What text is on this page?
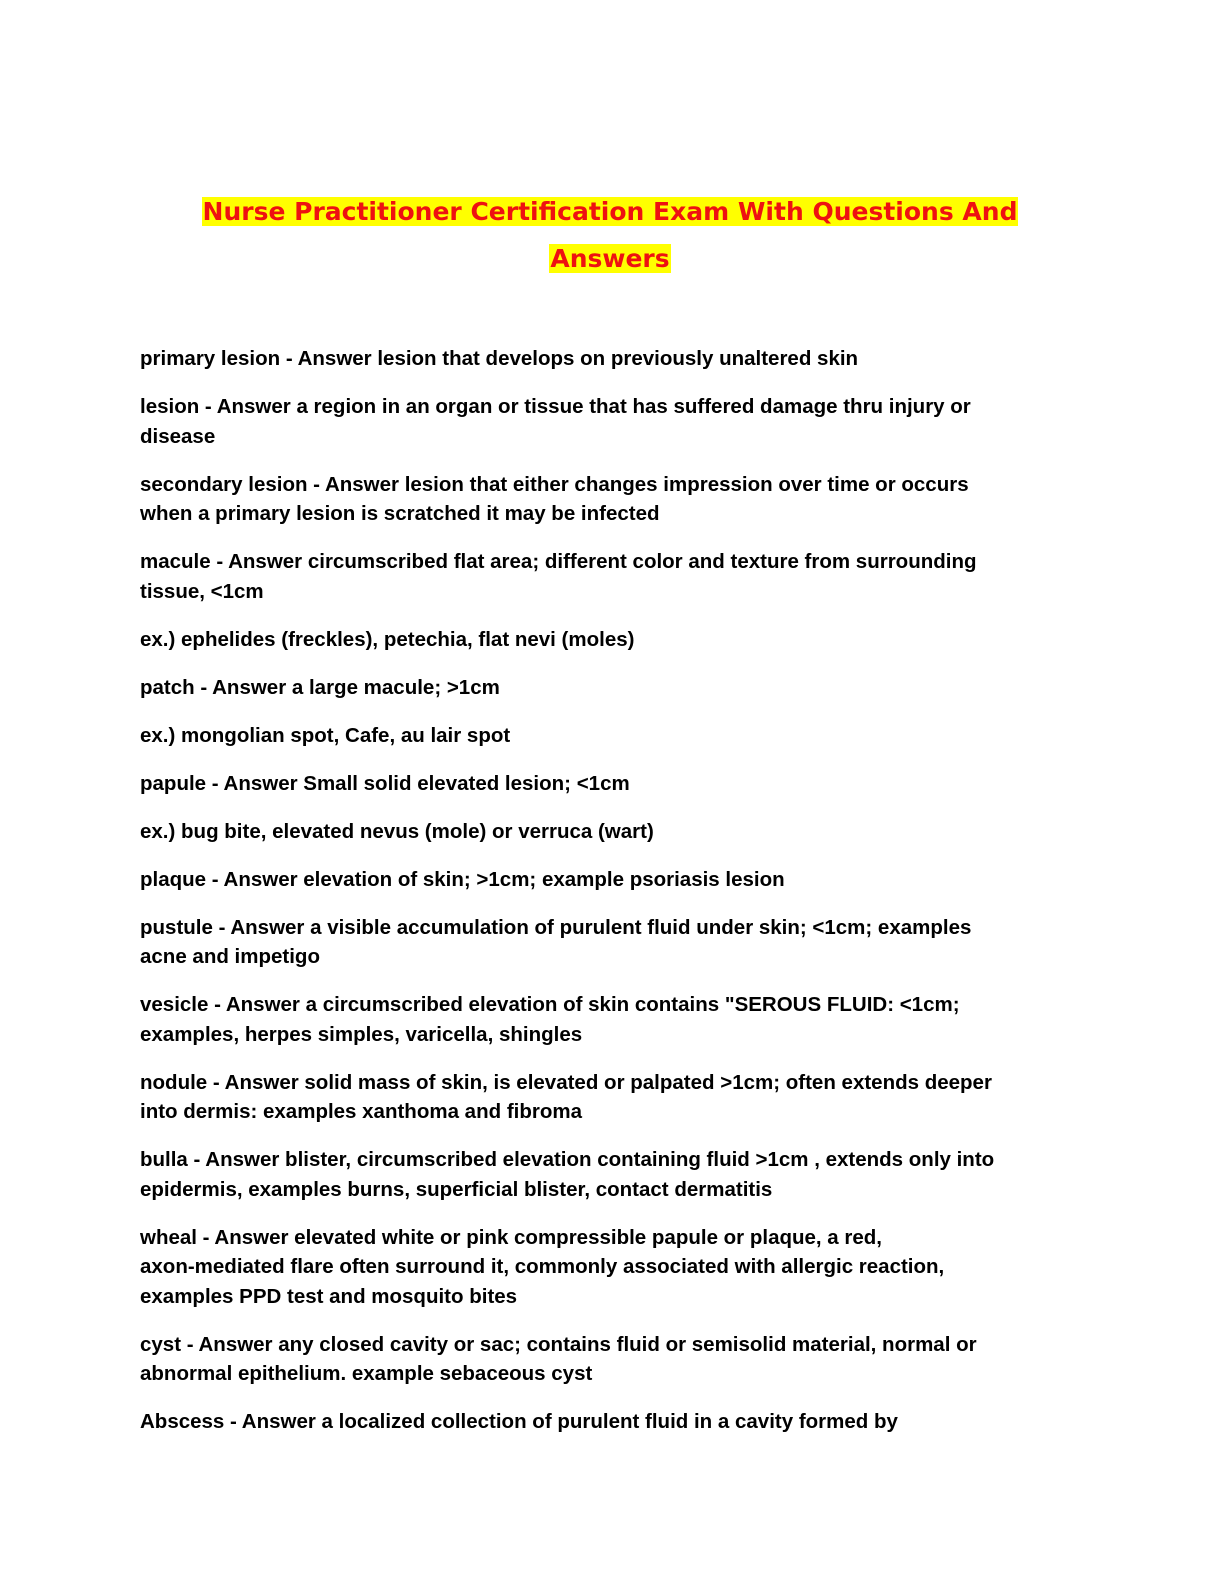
Nurse Practitioner Certification Exam With Questions And
Answers
primary lesion - Answer lesion that develops on previously unaltered skin
lesion - Answer a region in an organ or tissue that has suffered damage thru injury or
disease
secondary lesion - Answer lesion that either changes impression over time or occurs
when a primary lesion is scratched it may be infected
macule - Answer circumscribed flat area; different color and texture from surrounding
tissue, <1cm
ex.) ephelides (freckles), petechia, flat nevi (moles)
patch - Answer a large macule; >1cm
ex.) mongolian spot, Cafe, au lair spot
papule - Answer Small solid elevated lesion; <1cm
ex.) bug bite, elevated nevus (mole) or verruca (wart)
plaque - Answer elevation of skin; >1cm; example psoriasis lesion
pustule - Answer a visible accumulation of purulent fluid under skin; <1cm; examples
acne and impetigo
vesicle - Answer a circumscribed elevation of skin contains "SEROUS FLUID: <1cm;
examples, herpes simples, varicella, shingles
nodule - Answer solid mass of skin, is elevated or palpated >1cm; often extends deeper
into dermis: examples xanthoma and fibroma
bulla - Answer blister, circumscribed elevation containing fluid >1cm , extends only into
epidermis, examples burns, superficial blister, contact dermatitis
wheal - Answer elevated white or pink compressible papule or plaque, a red,
axon-mediated flare often surround it, commonly associated with allergic reaction,
examples PPD test and mosquito bites
cyst - Answer any closed cavity or sac; contains fluid or semisolid material, normal or
abnormal epithelium. example sebaceous cyst
Abscess - Answer a localized collection of purulent fluid in a cavity formed by
